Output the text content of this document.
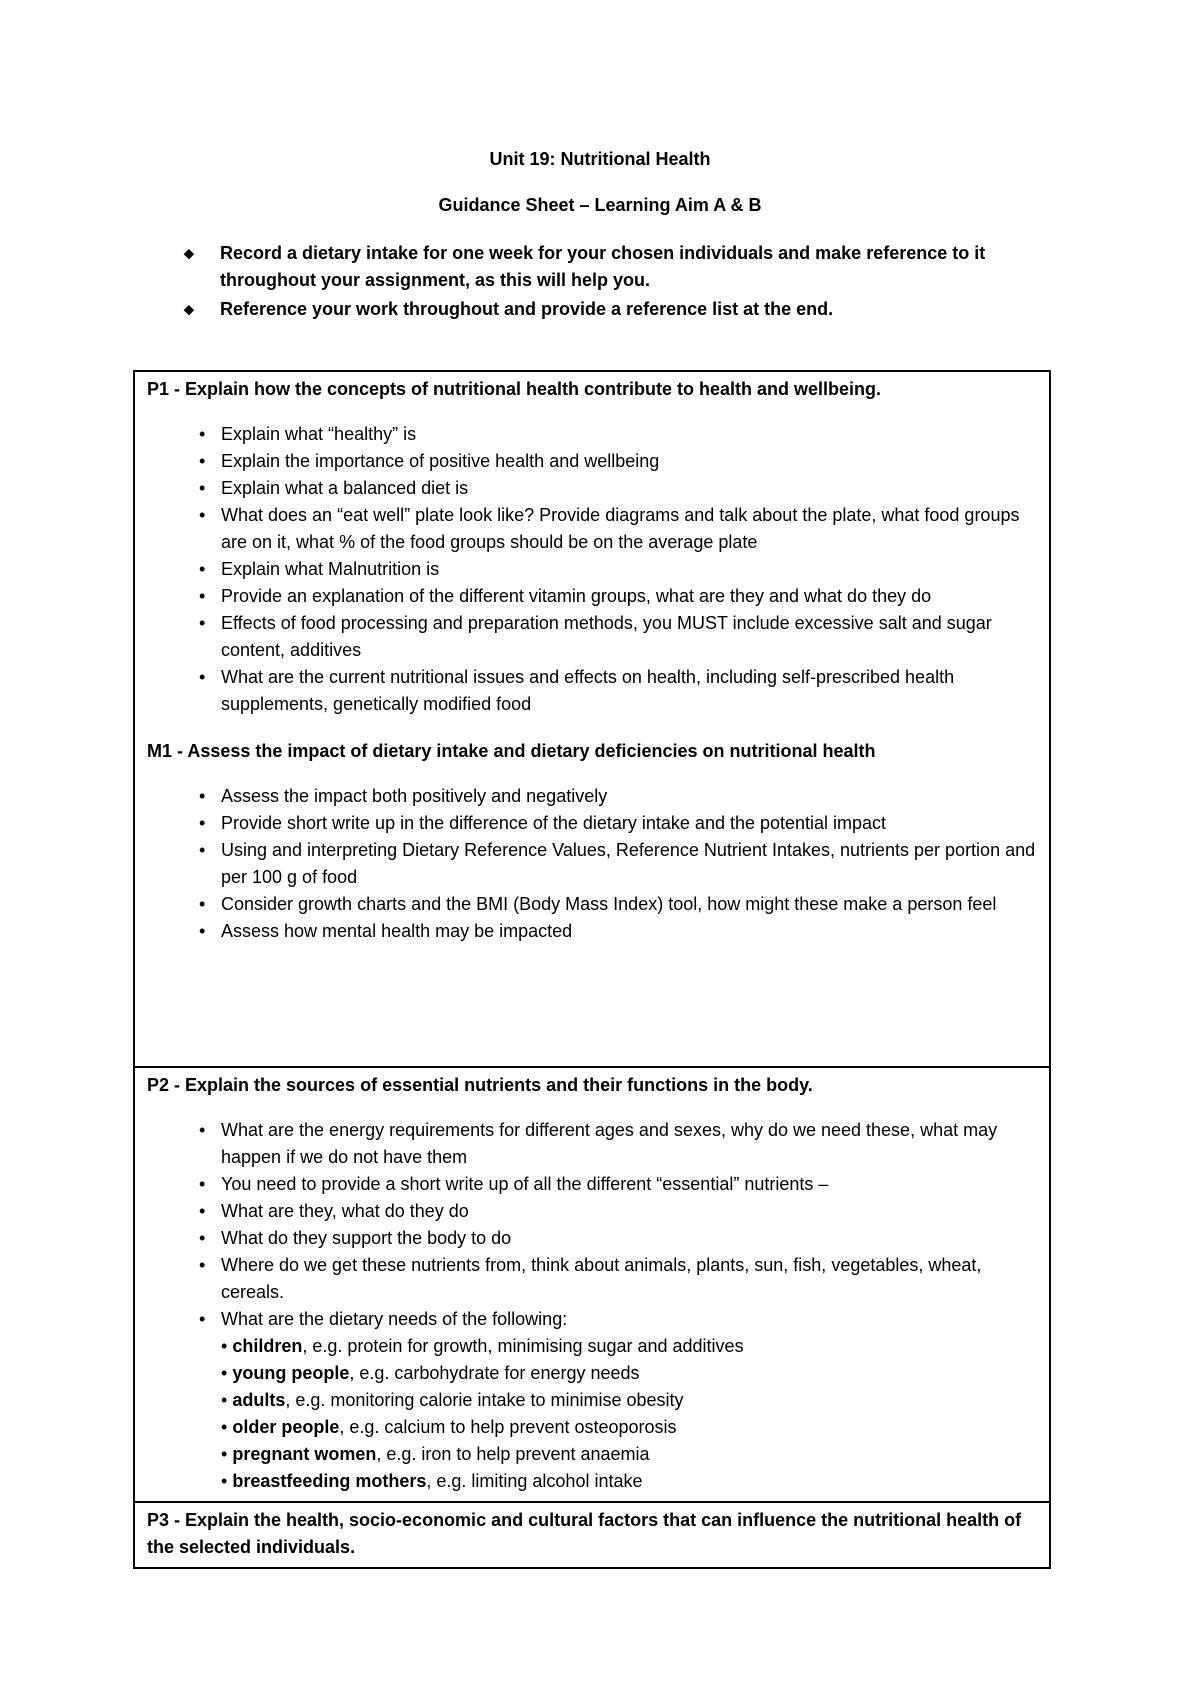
Unit 19: Nutritional Health
Guidance Sheet – Learning Aim A & B
⬥ Record a dietary intake for one week for your chosen individuals and make reference to it throughout your assignment, as this will help you.
⬥ Reference your work throughout and provide a reference list at the end.

P1 - Explain how the concepts of nutritional health contribute to health and wellbeing.

• Explain what “healthy” is
• Explain the importance of positive health and wellbeing
• Explain what a balanced diet is
• What does an “eat well” plate look like? Provide diagrams and talk about the plate, what food groups are on it, what % of the food groups should be on the average plate
• Explain what Malnutrition is
• Provide an explanation of the different vitamin groups, what are they and what do they do
• Effects of food processing and preparation methods, you MUST include excessive salt and sugar content, additives
• What are the current nutritional issues and effects on health, including self-prescribed health supplements, genetically modified food

M1 - Assess the impact of dietary intake and dietary deficiencies on nutritional health

• Assess the impact both positively and negatively
• Provide short write up in the difference of the dietary intake and the potential impact
• Using and interpreting Dietary Reference Values, Reference Nutrient Intakes, nutrients per portion and per 100 g of food
• Consider growth charts and the BMI (Body Mass Index) tool, how might these make a person feel
• Assess how mental health may be impacted

P2 - Explain the sources of essential nutrients and their functions in the body.

• What are the energy requirements for different ages and sexes, why do we need these, what may happen if we do not have them
• You need to provide a short write up of all the different “essential” nutrients –
• What are they, what do they do
• What do they support the body to do
• Where do we get these nutrients from, think about animals, plants, sun, fish, vegetables, wheat, cereals.
• What are the dietary needs of the following:
• children, e.g. protein for growth, minimising sugar and additives
• young people, e.g. carbohydrate for energy needs
• adults, e.g. monitoring calorie intake to minimise obesity
• older people, e.g. calcium to help prevent osteoporosis
• pregnant women, e.g. iron to help prevent anaemia
• breastfeeding mothers, e.g. limiting alcohol intake

P3 - Explain the health, socio-economic and cultural factors that can influence the nutritional health of the selected individuals.
